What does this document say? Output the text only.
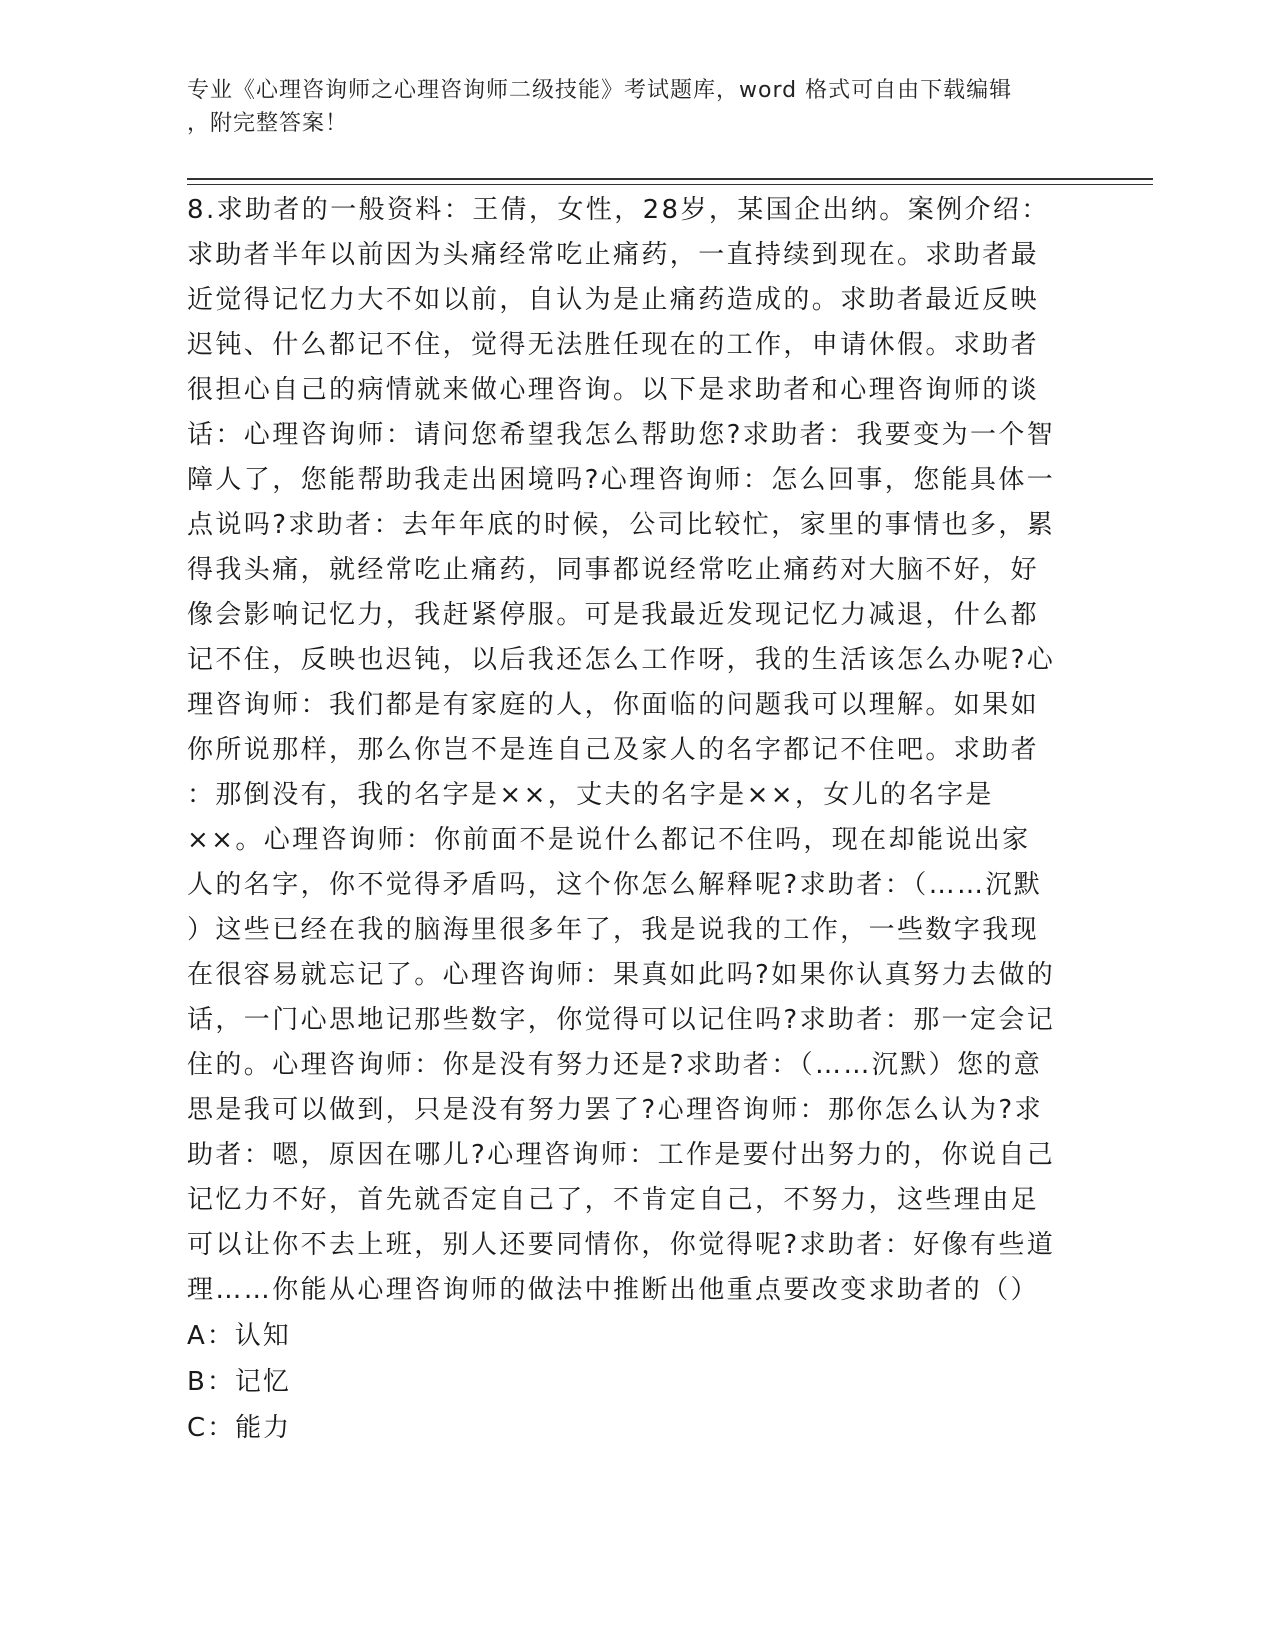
专业《心理咨询师之心理咨询师二级技能》考试题库，word 格式可自由下载编辑
，附完整答案！
8.求助者的一般资料：王倩，女性，28岁，某国企出纳。案例介绍：
求助者半年以前因为头痛经常吃止痛药，一直持续到现在。求助者最
近觉得记忆力大不如以前，自认为是止痛药造成的。求助者最近反映
迟钝、什么都记不住，觉得无法胜任现在的工作，申请休假。求助者
很担心自己的病情就来做心理咨询。以下是求助者和心理咨询师的谈
话：心理咨询师：请问您希望我怎么帮助您?求助者：我要变为一个智
障人了，您能帮助我走出困境吗?心理咨询师：怎么回事，您能具体一
点说吗?求助者：去年年底的时候，公司比较忙，家里的事情也多，累
得我头痛，就经常吃止痛药，同事都说经常吃止痛药对大脑不好，好
像会影响记忆力，我赶紧停服。可是我最近发现记忆力减退，什么都
记不住，反映也迟钝，以后我还怎么工作呀，我的生活该怎么办呢?心
理咨询师：我们都是有家庭的人，你面临的问题我可以理解。如果如
你所说那样，那么你岂不是连自己及家人的名字都记不住吧。求助者
：那倒没有，我的名字是××，丈夫的名字是××，女儿的名字是
××。心理咨询师：你前面不是说什么都记不住吗，现在却能说出家
人的名字，你不觉得矛盾吗，这个你怎么解释呢?求助者：（……沉默
）这些已经在我的脑海里很多年了，我是说我的工作，一些数字我现
在很容易就忘记了。心理咨询师：果真如此吗?如果你认真努力去做的
话，一门心思地记那些数字，你觉得可以记住吗?求助者：那一定会记
住的。心理咨询师：你是没有努力还是?求助者：（……沉默）您的意
思是我可以做到，只是没有努力罢了?心理咨询师：那你怎么认为?求
助者：嗯，原因在哪儿?心理咨询师：工作是要付出努力的，你说自己
记忆力不好，首先就否定自己了，不肯定自己，不努力，这些理由足
可以让你不去上班，别人还要同情你，你觉得呢?求助者：好像有些道
理……你能从心理咨询师的做法中推断出他重点要改变求助者的（）
A：认知
B：记忆
C：能力
